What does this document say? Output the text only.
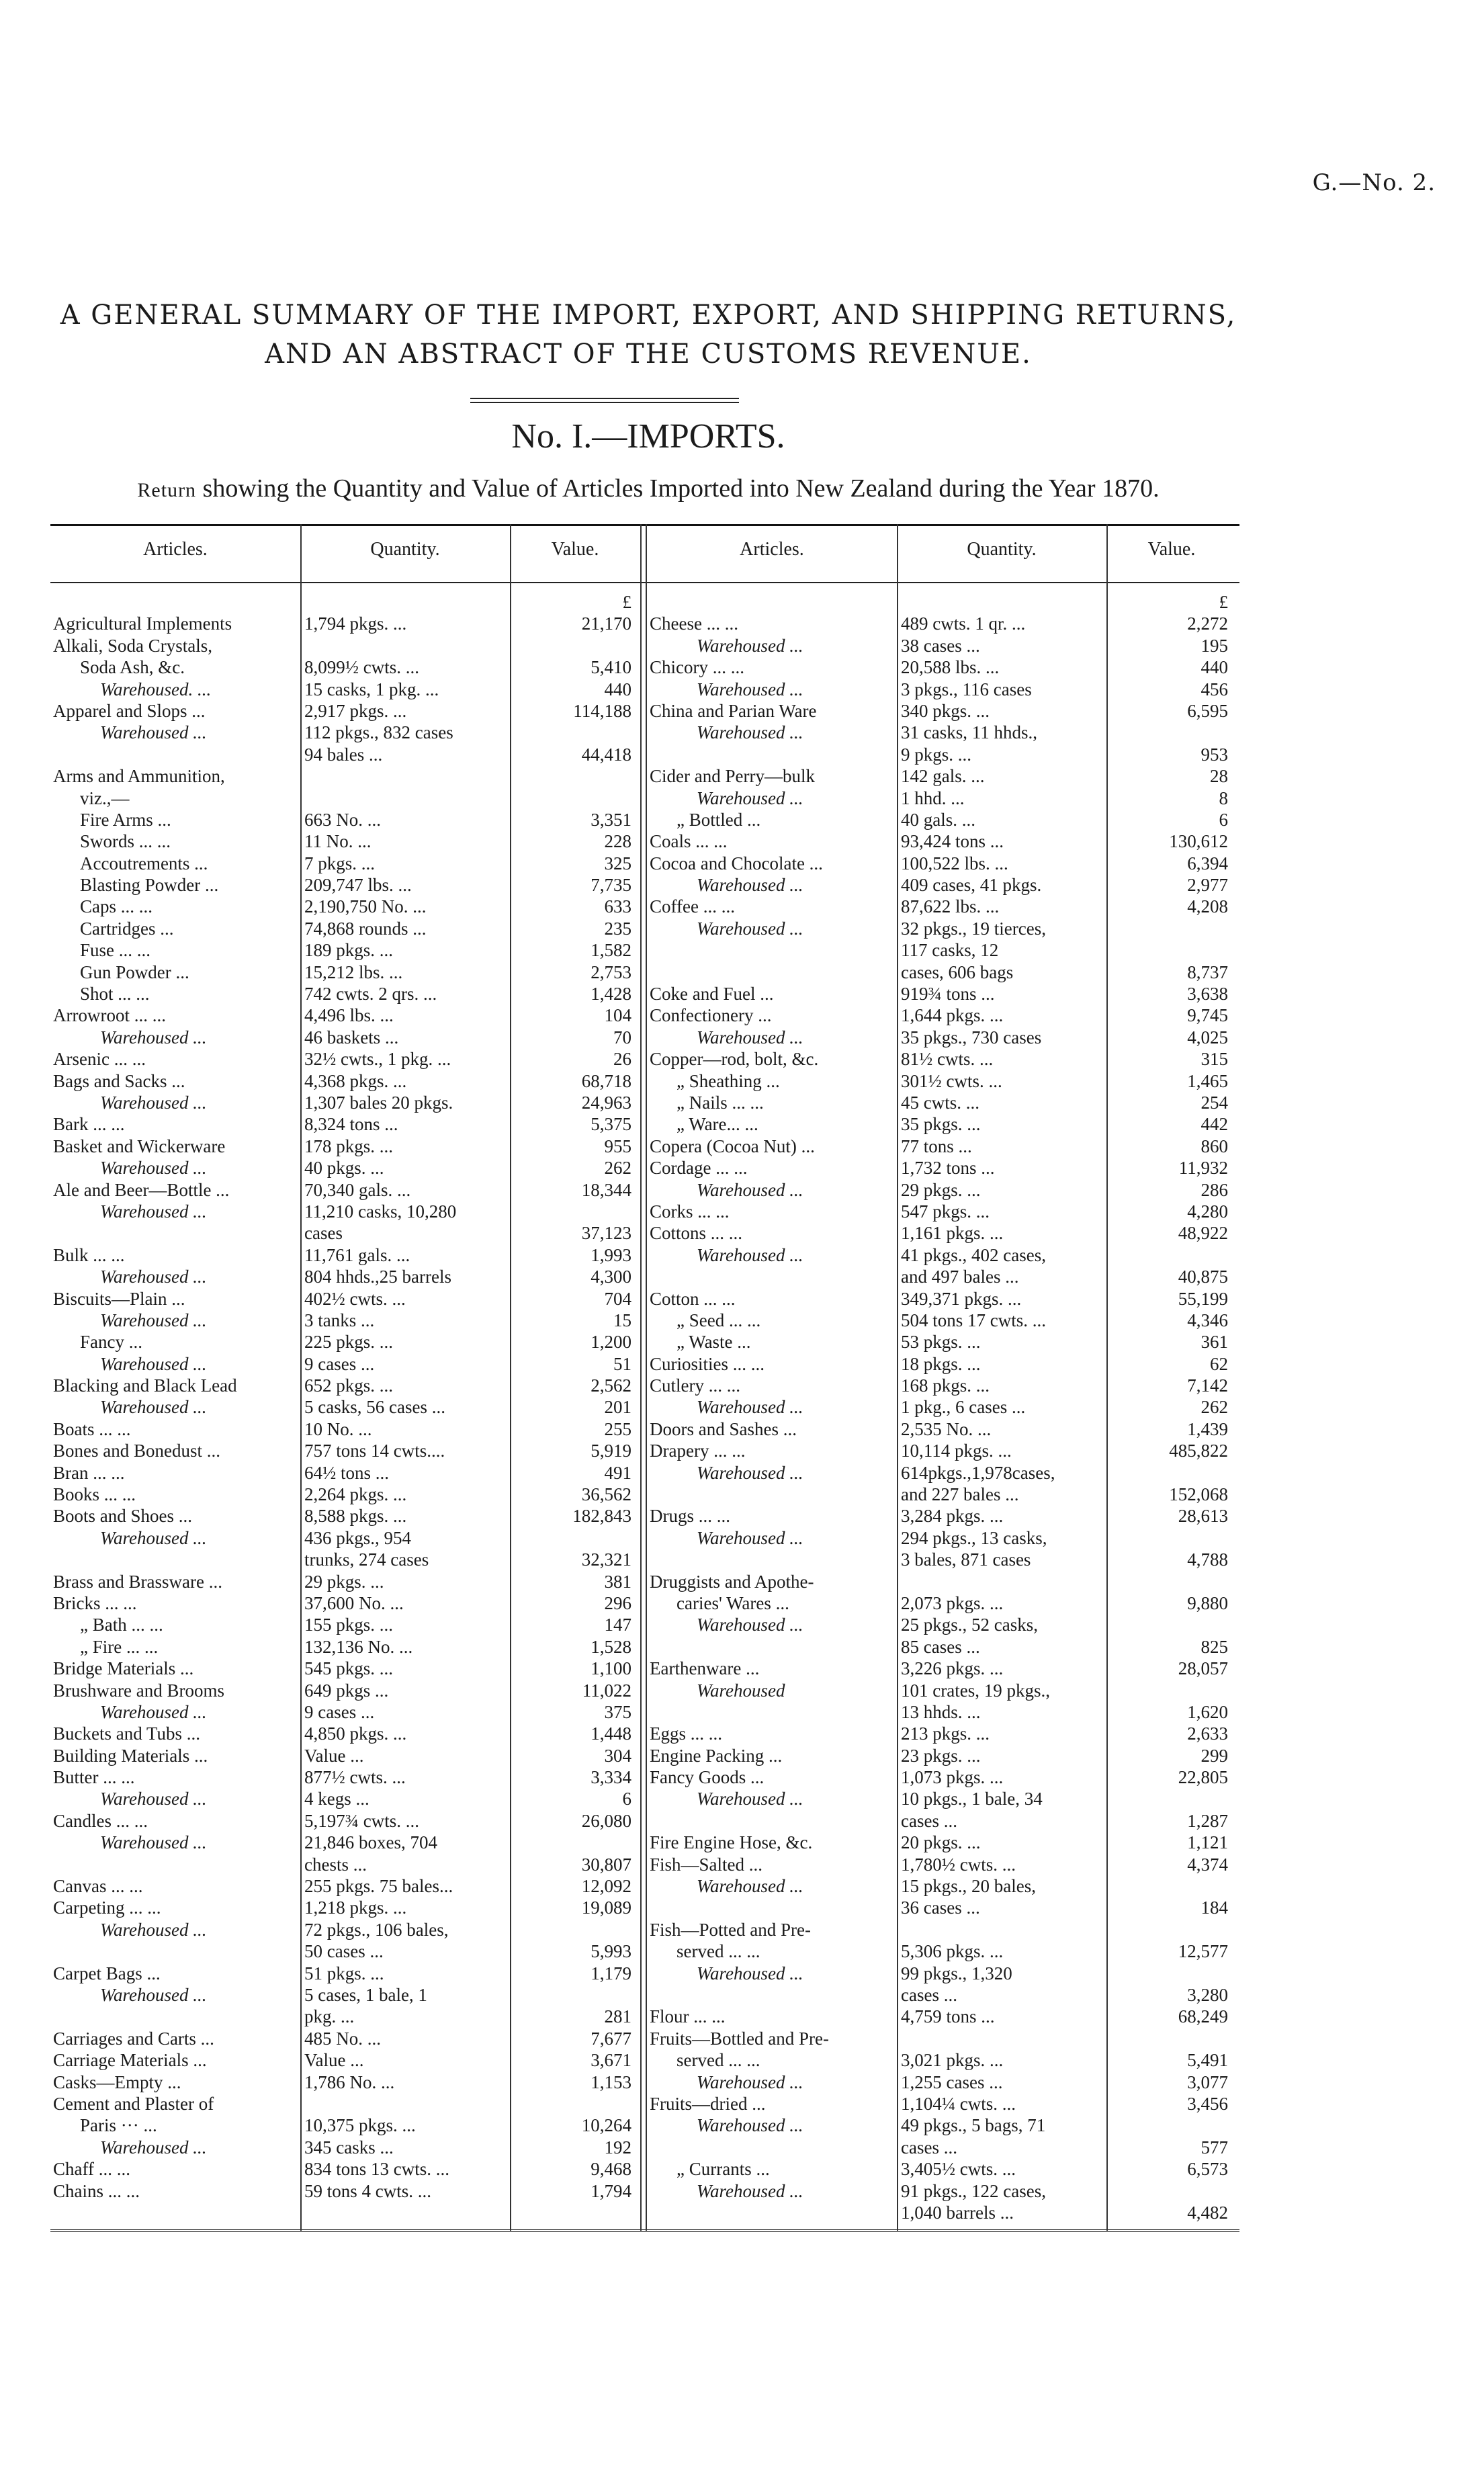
G.—No. 2.
A GENERAL SUMMARY OF THE IMPORT, EXPORT, AND SHIPPING RETURNS,
AND AN ABSTRACT OF THE CUSTOMS REVENUE.
No. I.—IMPORTS.
Return showing the Quantity and Value of Articles Imported into New Zealand during the Year 1870.
Articles.	Quantity.	Value.	Articles.	Quantity.	Value.
£
Agricultural Implements	1,794 pkgs. ...	21,170
Alkali, Soda Crystals,
Soda Ash, &c.	8,099½ cwts. ...	5,410
Warehoused. ...	15 casks, 1 pkg. ...	440
Apparel and Slops ...	2,917 pkgs. ...	114,188
Warehoused ...	112 pkgs., 832 cases
94 bales ...	44,418
Arms and Ammunition,
viz.,—
Fire Arms ...	663 No. ...	3,351
Swords ... ...	11 No. ...	228
Accoutrements ...	7 pkgs. ...	325
Blasting Powder ...	209,747 lbs. ...	7,735
Caps ... ...	2,190,750 No. ...	633
Cartridges ...	74,868 rounds ...	235
Fuse ... ...	189 pkgs. ...	1,582
Gun Powder ...	15,212 lbs. ...	2,753
Shot ... ...	742 cwts. 2 qrs. ...	1,428
Arrowroot ... ...	4,496 lbs. ...	104
Warehoused ...	46 baskets ...	70
Arsenic ... ...	32½ cwts., 1 pkg. ...	26
Bags and Sacks ...	4,368 pkgs. ...	68,718
Warehoused ...	1,307 bales 20 pkgs.	24,963
Bark ... ...	8,324 tons ...	5,375
Basket and Wickerware	178 pkgs. ...	955
Warehoused ...	40 pkgs. ...	262
Ale and Beer—Bottle ...	70,340 gals. ...	18,344
Warehoused ...	11,210 casks, 10,280
cases	37,123
Bulk ... ...	11,761 gals. ...	1,993
Warehoused ...	804 hhds.,25 barrels	4,300
Biscuits—Plain ...	402½ cwts. ...	704
Warehoused ...	3 tanks ...	15
Fancy ...	225 pkgs. ...	1,200
Warehoused ...	9 cases ...	51
Blacking and Black Lead	652 pkgs. ...	2,562
Warehoused ...	5 casks, 56 cases ...	201
Boats ... ...	10 No. ...	255
Bones and Bonedust ...	757 tons 14 cwts....	5,919
Bran ... ...	64½ tons ...	491
Books ... ...	2,264 pkgs. ...	36,562
Boots and Shoes ...	8,588 pkgs. ...	182,843
Warehoused ...	436 pkgs., 954
trunks, 274 cases	32,321
Brass and Brassware ...	29 pkgs. ...	381
Bricks ... ...	37,600 No. ...	296
„ Bath ... ...	155 pkgs. ...	147
„ Fire ... ...	132,136 No. ...	1,528
Bridge Materials ...	545 pkgs. ...	1,100
Brushware and Brooms	649 pkgs ...	11,022
Warehoused ...	9 cases ...	375
Buckets and Tubs ...	4,850 pkgs. ...	1,448
Building Materials ...	Value ...	304
Butter ... ...	877½ cwts. ...	3,334
Warehoused ...	4 kegs ...	6
Candles ... ...	5,197¾ cwts. ...	26,080
Warehoused ...	21,846 boxes, 704
chests ...	30,807
Canvas ... ...	255 pkgs. 75 bales...	12,092
Carpeting ... ...	1,218 pkgs. ...	19,089
Warehoused ...	72 pkgs., 106 bales,
50 cases ...	5,993
Carpet Bags ...	51 pkgs. ...	1,179
Warehoused ...	5 cases, 1 bale, 1
pkg. ...	281
Carriages and Carts ...	485 No. ...	7,677
Carriage Materials ...	Value ...	3,671
Casks—Empty ...	1,786 No. ...	1,153
Cement and Plaster of
Paris ··· ...	10,375 pkgs. ...	10,264
Warehoused ...	345 casks ...	192
Chaff ... ...	834 tons 13 cwts. ...	9,468
Chains ... ...	59 tons 4 cwts. ...	1,794
£
Cheese ... ...	489 cwts. 1 qr. ...	2,272
Warehoused ...	38 cases ...	195
Chicory ... ...	20,588 lbs. ...	440
Warehoused ...	3 pkgs., 116 cases	456
China and Parian Ware	340 pkgs. ...	6,595
Warehoused ...	31 casks, 11 hhds.,
9 pkgs. ...	953
Cider and Perry—bulk	142 gals. ...	28
Warehoused ...	1 hhd. ...	8
„ Bottled ...	40 gals. ...	6
Coals ... ...	93,424 tons ...	130,612
Cocoa and Chocolate ...	100,522 lbs. ...	6,394
Warehoused ...	409 cases, 41 pkgs.	2,977
Coffee ... ...	87,622 lbs. ...	4,208
Warehoused ...	32 pkgs., 19 tierces,
117 casks, 12
cases, 606 bags	8,737
Coke and Fuel ...	919¾ tons ...	3,638
Confectionery ...	1,644 pkgs. ...	9,745
Warehoused ...	35 pkgs., 730 cases	4,025
Copper—rod, bolt, &c.	81½ cwts. ...	315
„ Sheathing ...	301½ cwts. ...	1,465
„ Nails ... ...	45 cwts. ...	254
„ Ware... ...	35 pkgs. ...	442
Copera (Cocoa Nut) ...	77 tons ...	860
Cordage ... ...	1,732 tons ...	11,932
Warehoused ...	29 pkgs. ...	286
Corks ... ...	547 pkgs. ...	4,280
Cottons ... ...	1,161 pkgs. ...	48,922
Warehoused ...	41 pkgs., 402 cases,
and 497 bales ...	40,875
Cotton ... ...	349,371 pkgs. ...	55,199
„ Seed ... ...	504 tons 17 cwts. ...	4,346
„ Waste ...	53 pkgs. ...	361
Curiosities ... ...	18 pkgs. ...	62
Cutlery ... ...	168 pkgs. ...	7,142
Warehoused ...	1 pkg., 6 cases ...	262
Doors and Sashes ...	2,535 No. ...	1,439
Drapery ... ...	10,114 pkgs. ...	485,822
Warehoused ...	614pkgs.,1,978cases,
and 227 bales ...	152,068
Drugs ... ...	3,284 pkgs. ...	28,613
Warehoused ...	294 pkgs., 13 casks,
3 bales, 871 cases	4,788
Druggists and Apothe-
caries' Wares ...	2,073 pkgs. ...	9,880
Warehoused ...	25 pkgs., 52 casks,
85 cases ...	825
Earthenware ...	3,226 pkgs. ...	28,057
Warehoused	101 crates, 19 pkgs.,
13 hhds. ...	1,620
Eggs ... ...	213 pkgs. ...	2,633
Engine Packing ...	23 pkgs. ...	299
Fancy Goods ...	1,073 pkgs. ...	22,805
Warehoused ...	10 pkgs., 1 bale, 34
cases ...	1,287
Fire Engine Hose, &c.	20 pkgs. ...	1,121
Fish—Salted ...	1,780½ cwts. ...	4,374
Warehoused ...	15 pkgs., 20 bales,
36 cases ...	184
Fish—Potted and Pre-
served ... ...	5,306 pkgs. ...	12,577
Warehoused ...	99 pkgs., 1,320
cases ...	3,280
Flour ... ...	4,759 tons ...	68,249
Fruits—Bottled and Pre-
served ... ...	3,021 pkgs. ...	5,491
Warehoused ...	1,255 cases ...	3,077
Fruits—dried ...	1,104¼ cwts. ...	3,456
Warehoused ...	49 pkgs., 5 bags, 71
cases ...	577
„ Currants ...	3,405½ cwts. ...	6,573
Warehoused ...	91 pkgs., 122 cases,
1,040 barrels ...	4,482
